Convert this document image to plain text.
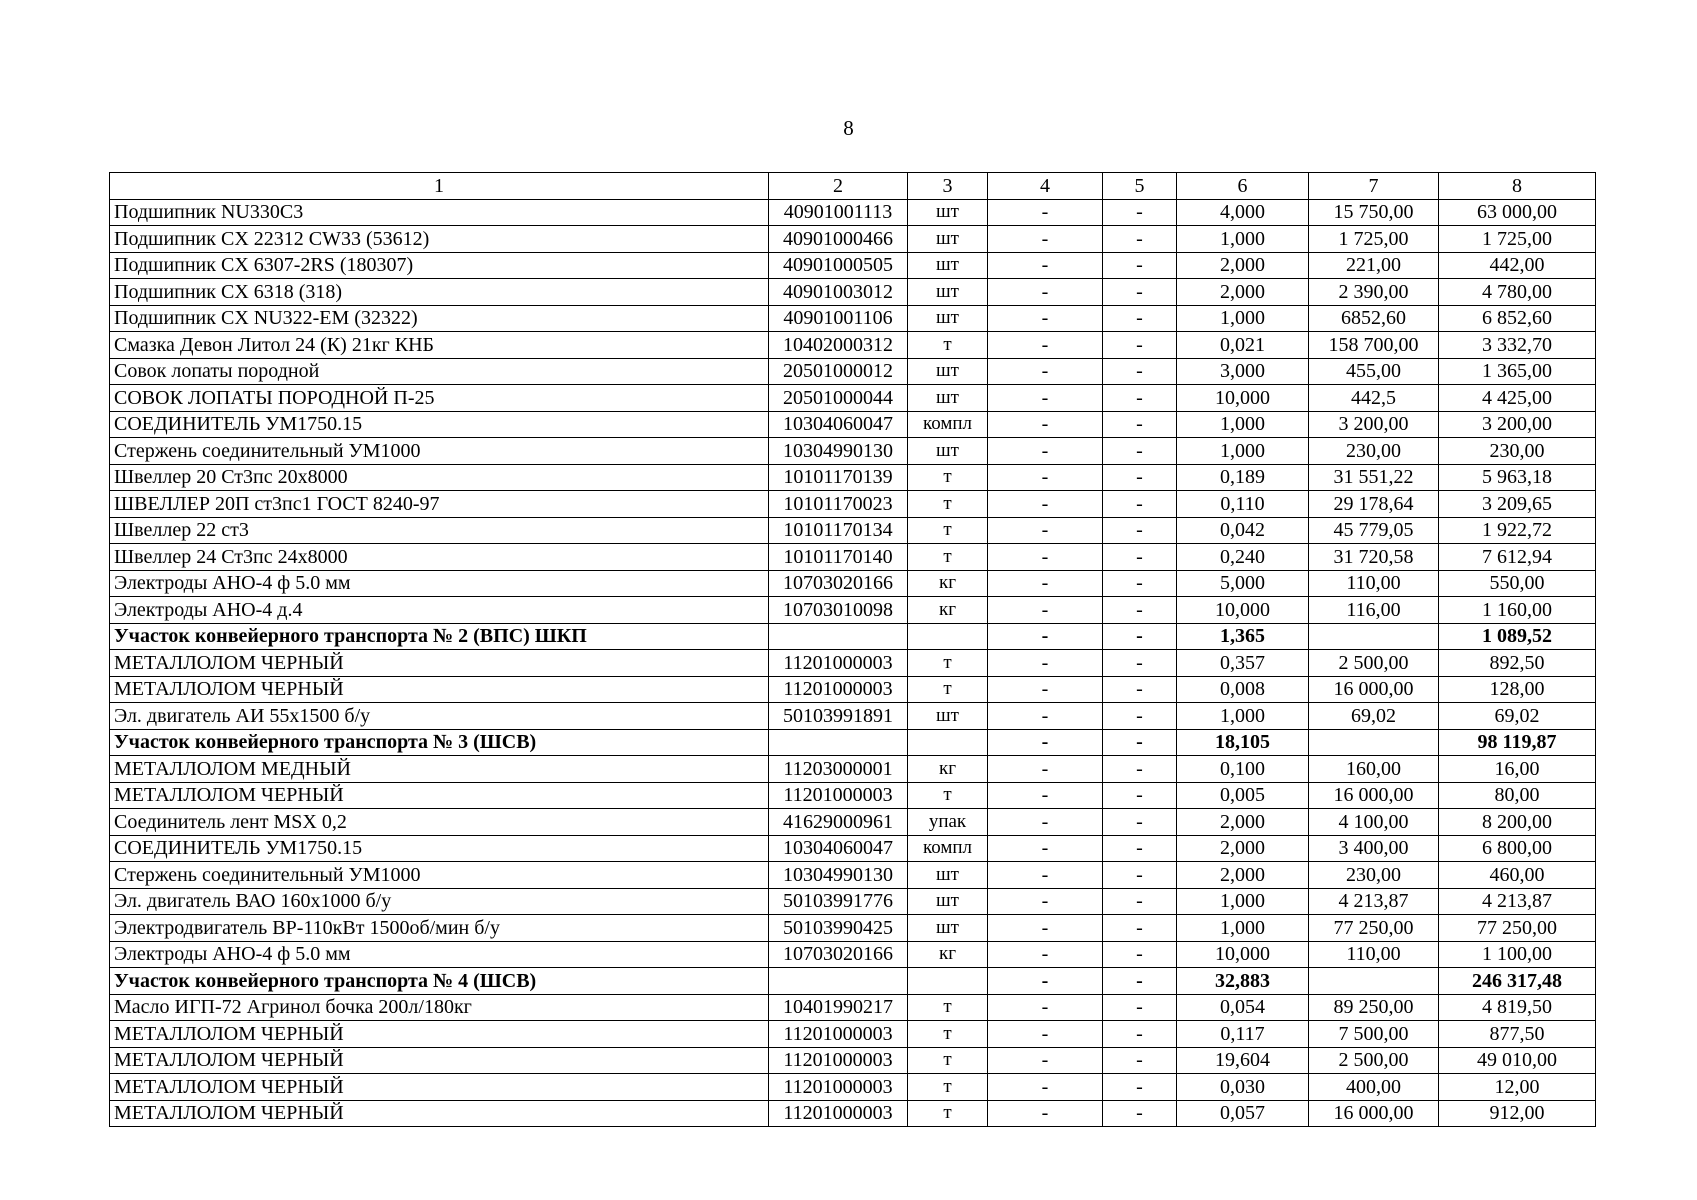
8
1	2	3	4	5	6	7	8
Подшипник NU330C3	40901001113	шт	-	-	4,000	15 750,00	63 000,00
Подшипник CX 22312 CW33 (53612)	40901000466	шт	-	-	1,000	1 725,00	1 725,00
Подшипник CX 6307-2RS (180307)	40901000505	шт	-	-	2,000	221,00	442,00
Подшипник CX 6318 (318)	40901003012	шт	-	-	2,000	2 390,00	4 780,00
Подшипник CX NU322-EM (32322)	40901001106	шт	-	-	1,000	6852,60	6 852,60
Смазка Девон Литол 24 (К) 21кг КНБ	10402000312	т	-	-	0,021	158 700,00	3 332,70
Совок лопаты породной	20501000012	шт	-	-	3,000	455,00	1 365,00
СОВОК ЛОПАТЫ ПОРОДНОЙ П-25	20501000044	шт	-	-	10,000	442,5	4 425,00
СОЕДИНИТЕЛЬ УМ1750.15	10304060047	компл	-	-	1,000	3 200,00	3 200,00
Стержень соединительный УМ1000	10304990130	шт	-	-	1,000	230,00	230,00
Швеллер 20 Ст3пс 20х8000	10101170139	т	-	-	0,189	31 551,22	5 963,18
ШВЕЛЛЕР 20П ст3пс1 ГОСТ 8240-97	10101170023	т	-	-	0,110	29 178,64	3 209,65
Швеллер 22 ст3	10101170134	т	-	-	0,042	45 779,05	1 922,72
Швеллер 24 Ст3пс 24х8000	10101170140	т	-	-	0,240	31 720,58	7 612,94
Электроды АНО-4 ф 5.0 мм	10703020166	кг	-	-	5,000	110,00	550,00
Электроды АНО-4 д.4	10703010098	кг	-	-	10,000	116,00	1 160,00
Участок конвейерного транспорта № 2 (ВПС) ШКП			-	-	1,365		1 089,52
МЕТАЛЛОЛОМ ЧЕРНЫЙ	11201000003	т	-	-	0,357	2 500,00	892,50
МЕТАЛЛОЛОМ ЧЕРНЫЙ	11201000003	т	-	-	0,008	16 000,00	128,00
Эл. двигатель АИ 55х1500 б/у	50103991891	шт	-	-	1,000	69,02	69,02
Участок конвейерного транспорта № 3 (ШСВ)			-	-	18,105		98 119,87
МЕТАЛЛОЛОМ МЕДНЫЙ	11203000001	кг	-	-	0,100	160,00	16,00
МЕТАЛЛОЛОМ ЧЕРНЫЙ	11201000003	т	-	-	0,005	16 000,00	80,00
Соединитель лент MSX 0,2	41629000961	упак	-	-	2,000	4 100,00	8 200,00
СОЕДИНИТЕЛЬ УМ1750.15	10304060047	компл	-	-	2,000	3 400,00	6 800,00
Стержень соединительный УМ1000	10304990130	шт	-	-	2,000	230,00	460,00
Эл. двигатель ВАО 160х1000 б/у	50103991776	шт	-	-	1,000	4 213,87	4 213,87
Электродвигатель ВР-110кВт 1500об/мин б/у	50103990425	шт	-	-	1,000	77 250,00	77 250,00
Электроды АНО-4 ф 5.0 мм	10703020166	кг	-	-	10,000	110,00	1 100,00
Участок конвейерного транспорта № 4 (ШСВ)			-	-	32,883		246 317,48
Масло ИГП-72 Агринол бочка 200л/180кг	10401990217	т	-	-	0,054	89 250,00	4 819,50
МЕТАЛЛОЛОМ ЧЕРНЫЙ	11201000003	т	-	-	0,117	7 500,00	877,50
МЕТАЛЛОЛОМ ЧЕРНЫЙ	11201000003	т	-	-	19,604	2 500,00	49 010,00
МЕТАЛЛОЛОМ ЧЕРНЫЙ	11201000003	т	-	-	0,030	400,00	12,00
МЕТАЛЛОЛОМ ЧЕРНЫЙ	11201000003	т	-	-	0,057	16 000,00	912,00
